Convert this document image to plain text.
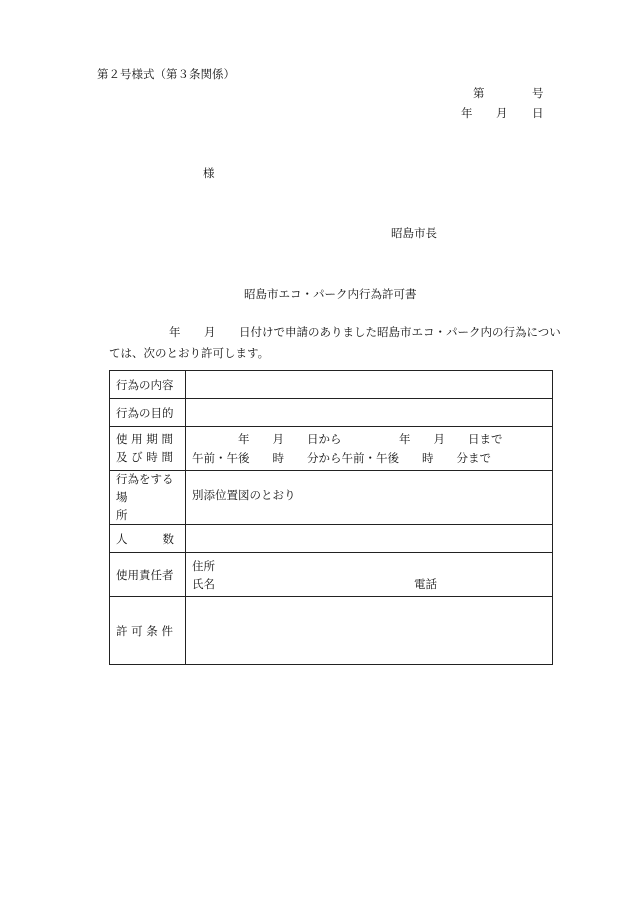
第２号様式（第３条関係）
第	号
年 月 日
様
昭島市長
昭島市エコ・パーク内行為許可書
年 月 日付けで申請のありました昭島市エコ・パーク内の行為につい
ては、次のとおり許可します。
行為の内容	
行為の目的	

使 用 期 間
及 び 時 間	年　　月　　日から　　　　　年　　月　　日まで
午前・午後　　時　　分から午前・午後　　時　　分まで

行為をする
場
所	別添位置図のとおり

人 数	

使用責任者	住所
氏名 電話

許 可 条 件	
